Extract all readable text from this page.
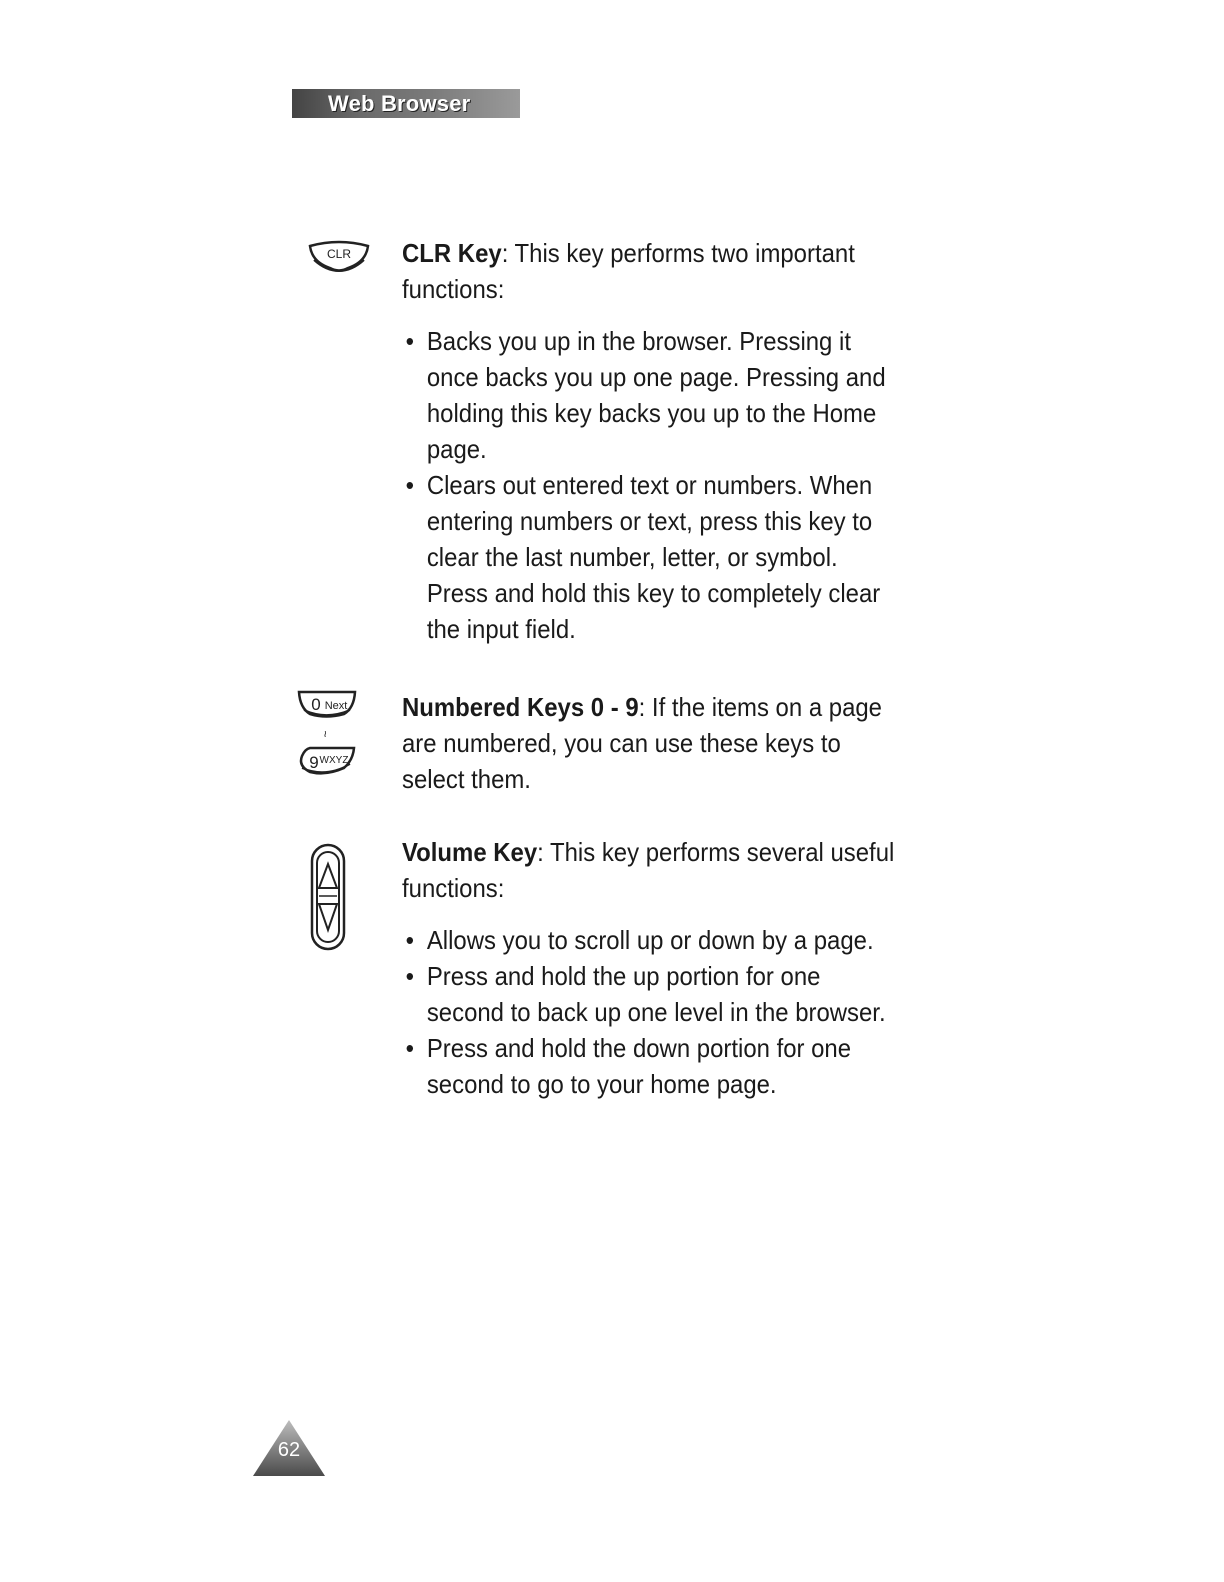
Web Browser
CLR
0 Next
~
9 WXYZ

CLR Key: This key performs two important functions:

• Backs you up in the browser. Pressing it once backs you up one page. Pressing and holding this key backs you up to the Home page.
• Clears out entered text or numbers. When entering numbers or text, press this key to clear the last number, letter, or symbol. Press and hold this key to completely clear the input field.

Numbered Keys 0 - 9: If the items on a page are numbered, you can use these keys to select them.

Volume Key: This key performs several useful functions:

• Allows you to scroll up or down by a page.
• Press and hold the up portion for one second to back up one level in the browser.
• Press and hold the down portion for one second to go to your home page.
62
